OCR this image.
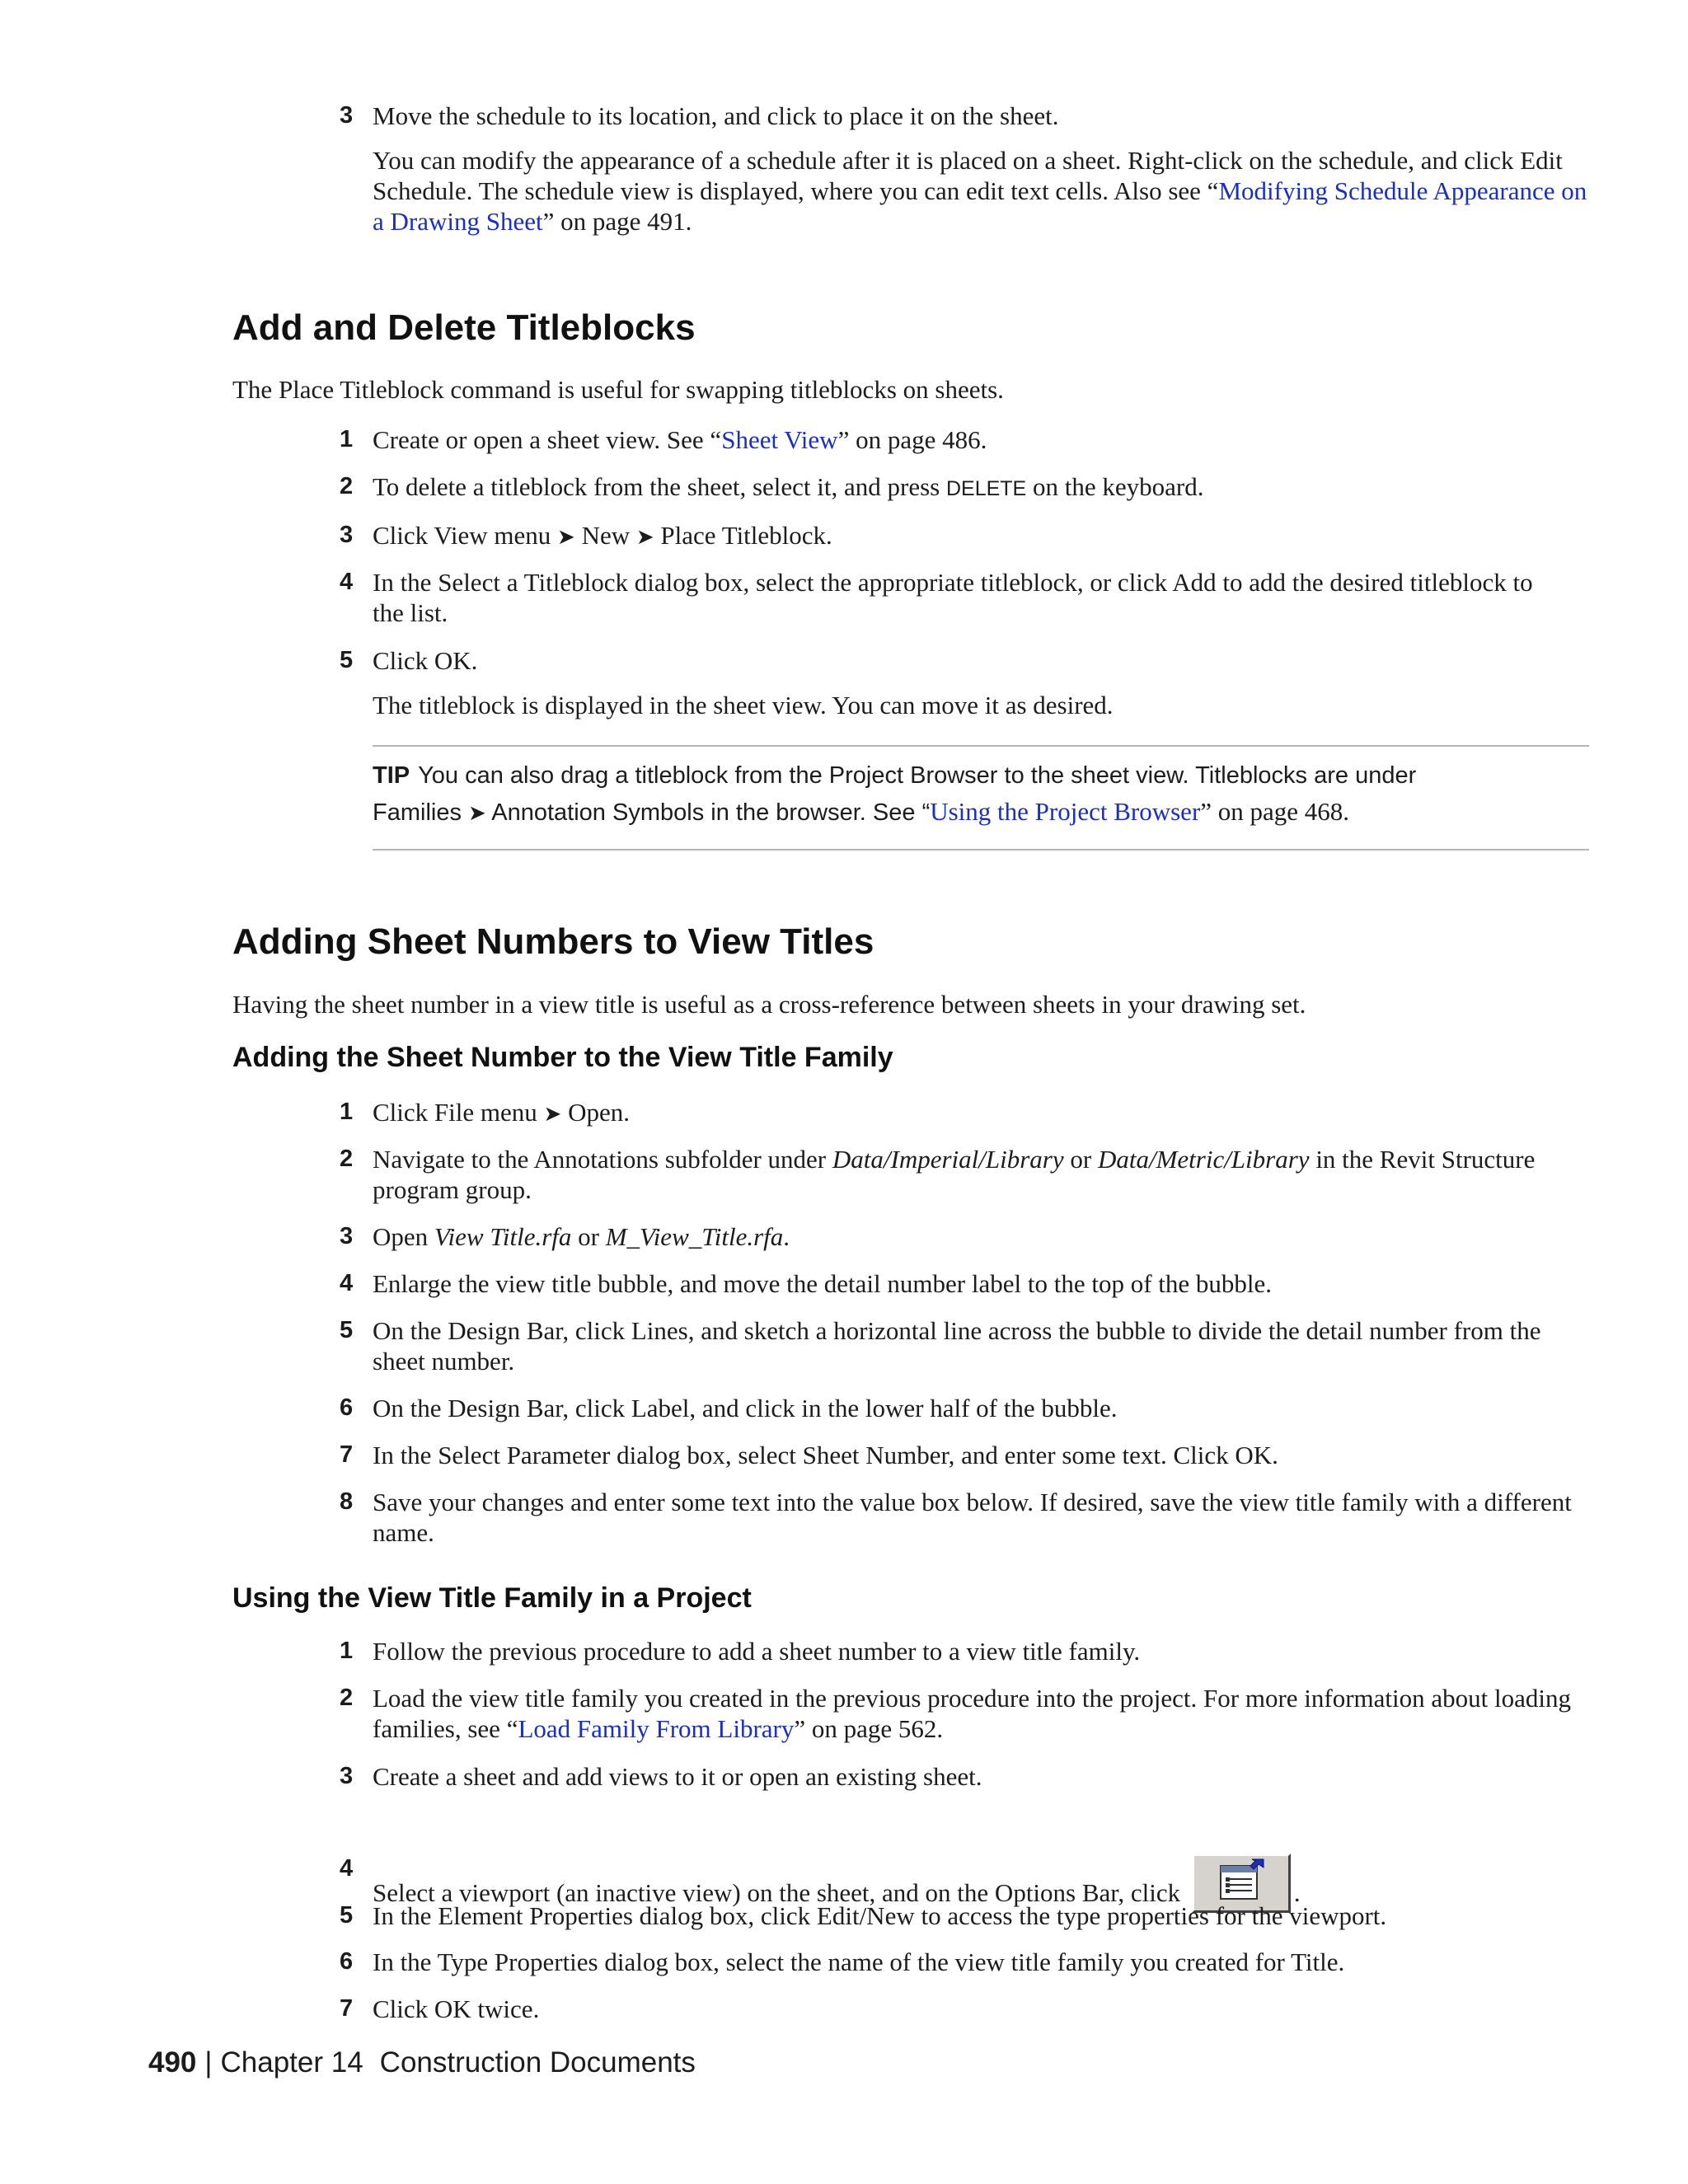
3 Move the schedule to its location, and click to place it on the sheet.
You can modify the appearance of a schedule after it is placed on a sheet. Right-click on the schedule, and click Edit Schedule. The schedule view is displayed, where you can edit text cells. Also see “Modifying Schedule Appearance on a Drawing Sheet” on page 491.
Add and Delete Titleblocks
The Place Titleblock command is useful for swapping titleblocks on sheets.
1 Create or open a sheet view. See “Sheet View” on page 486.
2 To delete a titleblock from the sheet, select it, and press DELETE on the keyboard.
3 Click View menu ➤ New ➤ Place Titleblock.
4 In the Select a Titleblock dialog box, select the appropriate titleblock, or click Add to add the desired titleblock to the list.
5 Click OK.
The titleblock is displayed in the sheet view. You can move it as desired.
TIP You can also drag a titleblock from the Project Browser to the sheet view. Titleblocks are under
Families ➤ Annotation Symbols in the browser. See “Using the Project Browser” on page 468.
Adding Sheet Numbers to View Titles
Having the sheet number in a view title is useful as a cross-reference between sheets in your drawing set.
Adding the Sheet Number to the View Title Family
1 Click File menu ➤ Open.
2 Navigate to the Annotations subfolder under Data/Imperial/Library or Data/Metric/Library in the Revit Structure program group.
3 Open View Title.rfa or M_View_Title.rfa.
4 Enlarge the view title bubble, and move the detail number label to the top of the bubble.
5 On the Design Bar, click Lines, and sketch a horizontal line across the bubble to divide the detail number from the sheet number.
6 On the Design Bar, click Label, and click in the lower half of the bubble.
7 In the Select Parameter dialog box, select Sheet Number, and enter some text. Click OK.
8 Save your changes and enter some text into the value box below. If desired, save the view title family with a different name.
Using the View Title Family in a Project
1 Follow the previous procedure to add a sheet number to a view title family.
2 Load the view title family you created in the previous procedure into the project. For more information about loading families, see “Load Family From Library” on page 562.
3 Create a sheet and add views to it or open an existing sheet.
4
Select a viewport (an inactive view) on the sheet, and on the Options Bar, click	.
5 In the Element Properties dialog box, click Edit/New to access the type properties for the viewport.
6 In the Type Properties dialog box, select the name of the view title family you created for Title.
7 Click OK twice.
490 | Chapter 14 Construction Documents
